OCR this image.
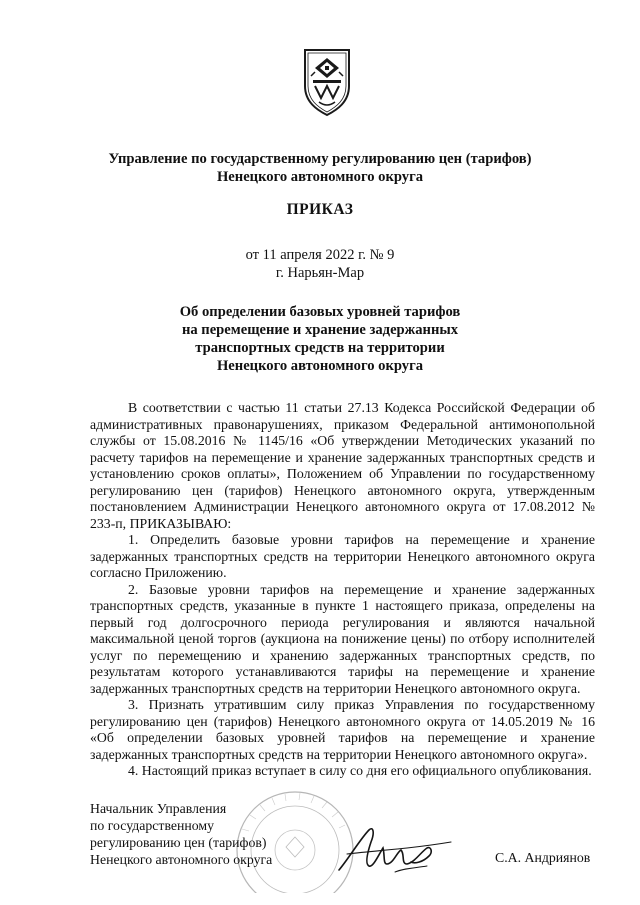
Управление по государственному регулированию цен (тарифов)
Ненецкого автономного округа
ПРИКАЗ
от 11 апреля 2022 г. № 9
г. Нарьян-Мар
Об определении базовых уровней тарифов
на перемещение и хранение задержанных
транспортных средств на территории
Ненецкого автономного округа

В соответствии с частью 11 статьи 27.13 Кодекса Российской Федерации об административных правонарушениях, приказом Федеральной антимонопольной службы от 15.08.2016 № 1145/16 «Об утверждении Методических указаний по расчету тарифов на перемещение и хранение задержанных транспортных средств и установлению сроков оплаты», Положением об Управлении по государственному регулированию цен (тарифов) Ненецкого автономного округа, утвержденным постановлением Администрации Ненецкого автономного округа от 17.08.2012 № 233-п, ПРИКАЗЫВАЮ:

1. Определить базовые уровни тарифов на перемещение и хранение задержанных транспортных средств на территории Ненецкого автономного округа согласно Приложению.

2. Базовые уровни тарифов на перемещение и хранение задержанных транспортных средств, указанные в пункте 1 настоящего приказа, определены на первый год долгосрочного периода регулирования и являются начальной максимальной ценой торгов (аукциона на понижение цены) по отбору исполнителей услуг по перемещению и хранению задержанных транспортных средств, по результатам которого устанавливаются тарифы на перемещение и хранение задержанных транспортных средств на территории Ненецкого автономного округа.

3. Признать утратившим силу приказ Управления по государственному регулированию цен (тарифов) Ненецкого автономного округа от 14.05.2019 № 16 «Об определении базовых уровней тарифов на перемещение и хранение задержанных транспортных средств на территории Ненецкого автономного округа».

4. Настоящий приказ вступает в силу со дня его официального опубликования.

Начальник Управления
по государственному
регулированию цен (тарифов)
Ненецкого автономного округа	С.А. Андриянов
